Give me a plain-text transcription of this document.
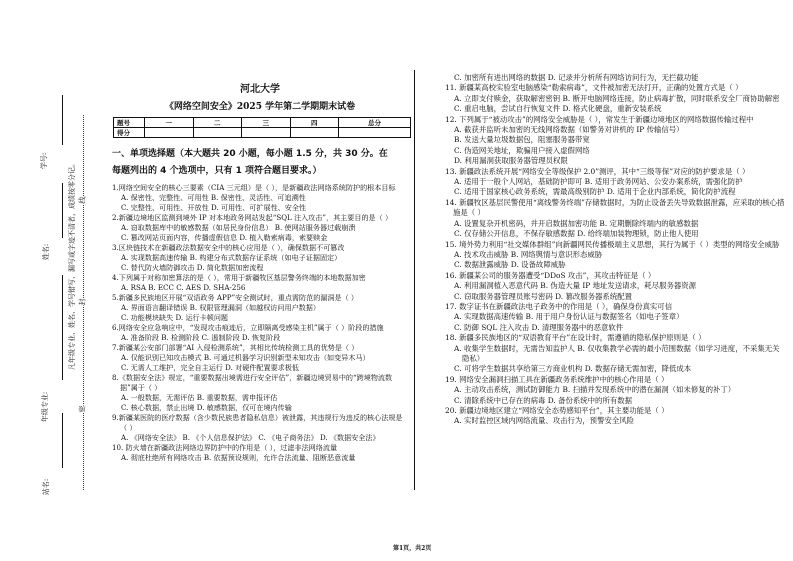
学号:
姓名:
年级专业:
站名:
凡年级专业、姓名、学号错写、漏写或字迹不清者，成绩按零分记。 线
封
密
河北大学
《网络空间安全》2025 学年第二学期期末试卷
题号	一	二	三	四	总分
得分					
一、单项选择题（本大题共 20 小题，每小题 1.5 分，共 30 分。在
每题列出的 4 个选项中，只有 1 项符合题目要求。）
1.网络空间安全的核心三要素（CIA 三元组）是（ ），是新疆政法网络系统防护的根本目标
A. 保密性、完整性、可用性 B. 保密性、灵活性、可追溯性
C. 完整性、可用性、开放性 D. 可用性、可扩展性、安全性
2.新疆边境地区监测到境外 IP 对本地政务网站发起“SQL 注入攻击”，其主要目的是（ ）
A. 窃取数据库中的敏感数据（如居民身份信息） B. 使网站服务器过载崩溃
C. 篡改网站页面内容，传播虚假信息 D. 植入勒索病毒，索要赎金
3.区块链技术在新疆政法数据安全中的核心应用是（ ），确保数据不可篡改
A. 实现数据高速传输 B. 构建分布式数据存证系统（如电子证据固定）
C. 替代防火墙防御攻击 D. 简化数据加密流程
4.下列属于对称加密算法的是（ ），常用于新疆牧区基层警务终端的本地数据加密
A. RSA B. ECC C. AES D. SHA-256
5.新疆多民族地区开展“双语政务 APP”安全测试时，重点需防范的漏洞是（ ）
A. 界面语言翻译错误 B. 权限管理漏洞（如越权访问用户数据）
C. 功能模块缺失 D. 运行卡顿问题
6.网络安全应急响应中，“发现攻击痕迹后，立即隔离受感染主机”属于（ ）阶段的措施
A. 准备阶段 B. 检测阶段 C. 遏制阶段 D. 恢复阶段
7.新疆某公安部门部署“AI 入侵检测系统”，其相比传统检测工具的优势是（ ）
A. 仅能识别已知攻击模式 B. 可通过机器学习识别新型未知攻击（如变异木马）
C. 无需人工维护，完全自主运行 D. 对硬件配置要求极低
8.《数据安全法》规定，“重要数据出境需进行安全评估”，新疆边境贸易中的“跨境物流数据”属于（ ）
A. 一般数据，无需评估 B. 重要数据，需申报评估
C. 核心数据，禁止出境 D. 敏感数据，仅可在境内传输
9.新疆某医院的医疗数据（含少数民族患者隐私信息）被泄露，其违规行为违反的核心法规是（ ）
A. 《网络安全法》 B. 《个人信息保护法》 C. 《电子商务法》 D. 《数据安全法》
10. 防火墙在新疆政法网络边界防护中的作用是（ ），过滤非法网络流量
A. 彻底杜绝所有网络攻击 B. 依据预设规则，允许合法流量、阻断恶意流量
C. 加密所有进出网络的数据 D. 记录并分析所有网络访问行为，无拦截功能
11. 新疆某高校实验室电脑感染“勒索病毒”，文件被加密无法打开，正确的处置方式是（ ）
A. 立即支付赎金，获取解密密钥 B. 断开电脑网络连接，防止病毒扩散，同时联系安全厂商协助解密
C. 重启电脑，尝试自行恢复文件 D. 格式化硬盘，重新安装系统
12. 下列属于“被动攻击”的网络安全威胁是（ ），常发生于新疆边境地区的网络数据传输过程中
A. 截获并监听未加密的无线网络数据（如警务对讲机的 IP 传输信号）
B. 发送大量垃圾数据包，阻塞服务器带宽
C. 伪造网关地址，欺骗用户接入虚假网络
D. 利用漏洞获取服务器管理员权限
13. 新疆政法系统开展“网络安全等级保护 2.0”测评，其中“三级等保”对应的防护要求是（ ）
A. 适用于一般个人网站，基础防护即可 B. 适用于政务网站、公安办案系统，需强化防护
C. 适用于国家核心政务系统，需最高级别防护 D. 适用于企业内部系统，简化防护流程
14. 新疆牧区基层民警使用“离线警务终端”存储数据时，为防止设备丢失导致数据泄露，应采取的核心措施是（ ）
A. 设置复杂开机密码，并开启数据加密功能 B. 定期删除终端内的敏感数据
C. 仅存储公开信息，不保存敏感数据 D. 给终端加装物理锁，防止他人使用
15. 境外势力利用“社交媒体群组”向新疆网民传播极端主义思想，其行为属于（ ）类型的网络安全威胁
A. 技术攻击威胁 B. 网络舆情与意识形态威胁
C. 数据泄露威胁 D. 设备故障威胁
16. 新疆某公司的服务器遭受“DDoS 攻击”，其攻击特征是（ ）
A. 利用漏洞植入恶意代码 B. 伪造大量 IP 地址发送请求，耗尽服务器资源
C. 窃取服务器管理员账号密码 D. 篡改服务器系统配置
17. 数字证书在新疆政法电子政务中的作用是（ ），确保身份真实可信
A. 实现数据高速传输 B. 用于用户身份认证与数据签名（如电子签章）
C. 防御 SQL 注入攻击 D. 清理服务器中的恶意软件
18. 新疆多民族地区的“双语教育平台”在设计时，需遵循的隐私保护原则是（ ）
A. 收集学生数据时，无需告知监护人 B. 仅收集教学必需的最小范围数据（如学习进度，不采集无关隐私）
C. 可将学生数据共享给第三方商业机构 D. 数据存储无需加密，降低成本
19. 网络安全漏洞扫描工具在新疆政务系统维护中的核心作用是（ ）
A. 主动攻击系统，测试防御能力 B. 扫描并发现系统中的潜在漏洞（如未修复的补丁）
C. 清除系统中已存在的病毒 D. 备份系统中的所有数据
20. 新疆边境地区建立“网络安全态势感知平台”，其主要功能是（ ）
A. 实时监控区域内网络流量、攻击行为，预警安全风险
第1页，共2页
